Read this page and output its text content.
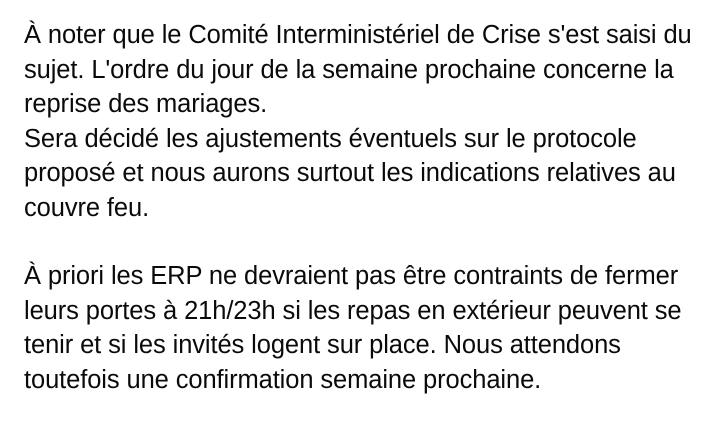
À noter que le Comité Interministériel de Crise s'est saisi du sujet. L'ordre du jour de la semaine prochaine concerne la reprise des mariages.

Sera décidé les ajustements éventuels sur le protocole proposé et nous aurons surtout les indications relatives au couvre feu.

À priori les ERP ne devraient pas être contraints de fermer leurs portes à 21h/23h si les repas en extérieur peuvent se tenir et si les invités logent sur place. Nous attendons toutefois une confirmation semaine prochaine.
